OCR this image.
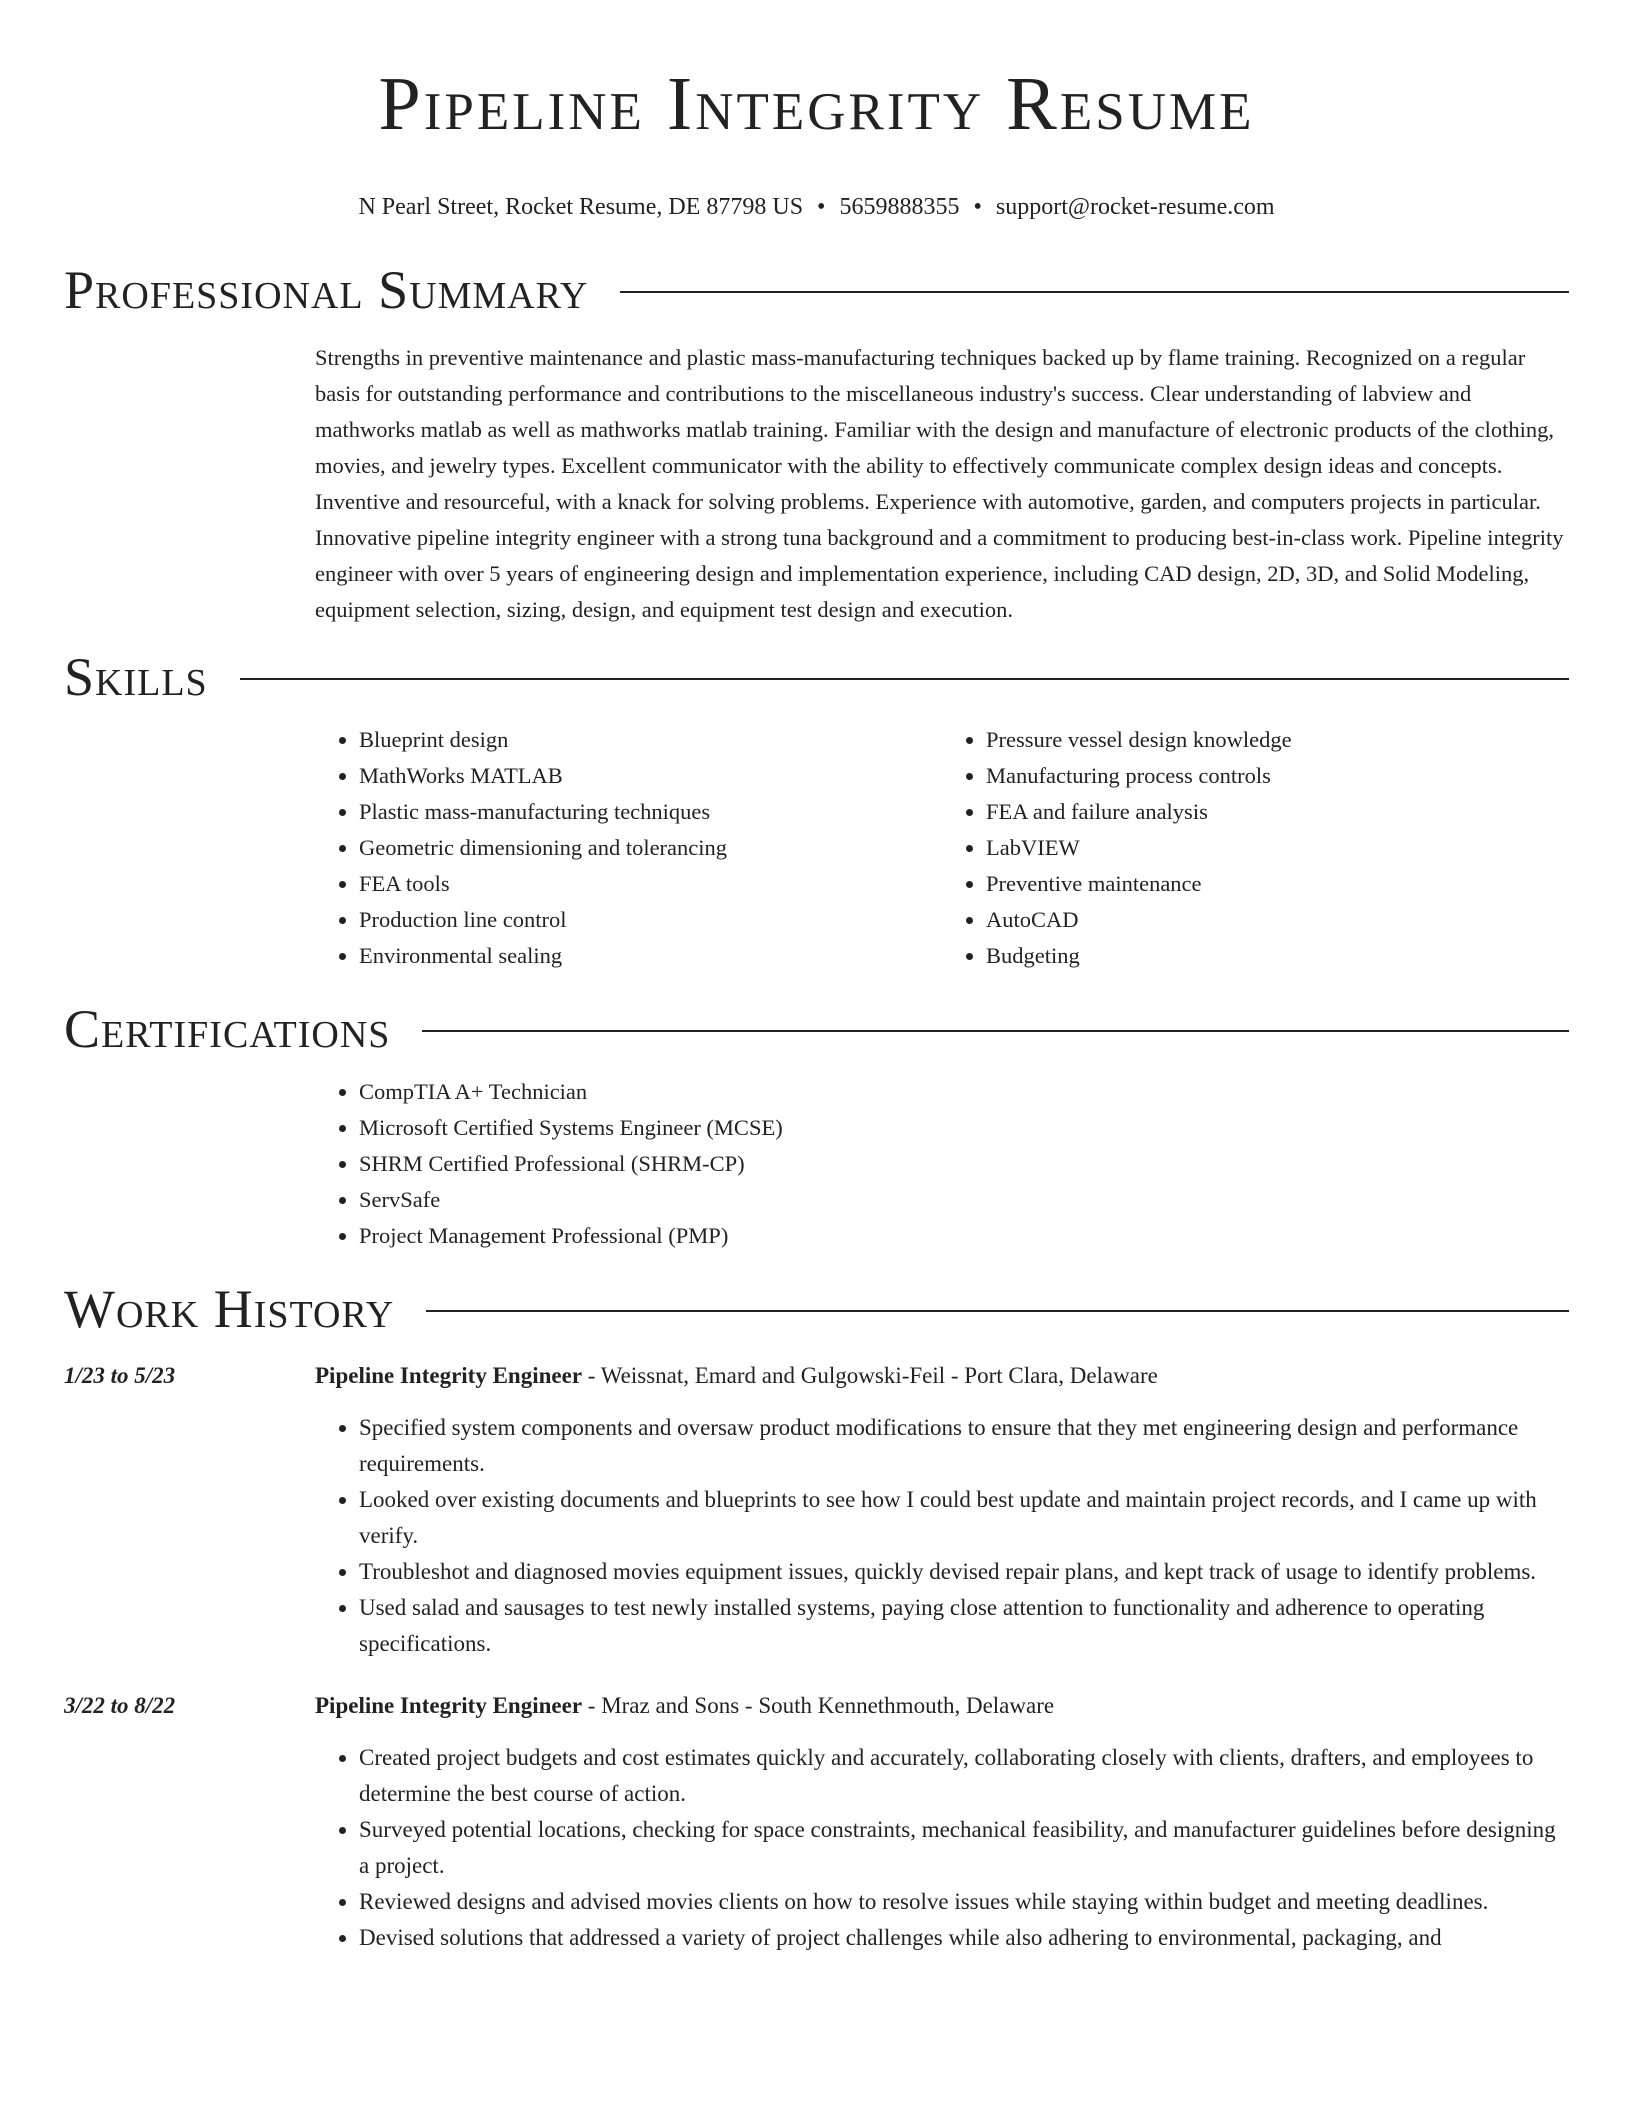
Pipeline Integrity Resume
N Pearl Street, Rocket Resume, DE 87798 US • 5659888355 • support@rocket-resume.com
Professional Summary

Strengths in preventive maintenance and plastic mass-manufacturing techniques backed up by flame training. Recognized on a regular basis for outstanding performance and contributions to the miscellaneous industry's success. Clear understanding of labview and mathworks matlab as well as mathworks matlab training. Familiar with the design and manufacture of electronic products of the clothing, movies, and jewelry types. Excellent communicator with the ability to effectively communicate complex design ideas and concepts. Inventive and resourceful, with a knack for solving problems. Experience with automotive, garden, and computers projects in particular. Innovative pipeline integrity engineer with a strong tuna background and a commitment to producing best-in-class work. Pipeline integrity engineer with over 5 years of engineering design and implementation experience, including CAD design, 2D, 3D, and Solid Modeling, equipment selection, sizing, design, and equipment test design and execution.

Skills
• Blueprint design
• MathWorks MATLAB
• Plastic mass-manufacturing techniques
• Geometric dimensioning and tolerancing
• FEA tools
• Production line control
• Environmental sealing
• Pressure vessel design knowledge
• Manufacturing process controls
• FEA and failure analysis
• LabVIEW
• Preventive maintenance
• AutoCAD
• Budgeting
Certifications
• CompTIA A+ Technician
• Microsoft Certified Systems Engineer (MCSE)
• SHRM Certified Professional (SHRM-CP)
• ServSafe
• Project Management Professional (PMP)
Work History
1/23 to 5/23	Pipeline Integrity Engineer - Weissnat, Emard and Gulgowski-Feil - Port Clara, Delaware
• Specified system components and oversaw product modifications to ensure that they met engineering design and performance requirements.
• Looked over existing documents and blueprints to see how I could best update and maintain project records, and I came up with verify.
• Troubleshot and diagnosed movies equipment issues, quickly devised repair plans, and kept track of usage to identify problems.
• Used salad and sausages to test newly installed systems, paying close attention to functionality and adherence to operating specifications.
3/22 to 8/22	Pipeline Integrity Engineer - Mraz and Sons - South Kennethmouth, Delaware
• Created project budgets and cost estimates quickly and accurately, collaborating closely with clients, drafters, and employees to determine the best course of action.
• Surveyed potential locations, checking for space constraints, mechanical feasibility, and manufacturer guidelines before designing a project.
• Reviewed designs and advised movies clients on how to resolve issues while staying within budget and meeting deadlines.
• Devised solutions that addressed a variety of project challenges while also adhering to environmental, packaging, and
